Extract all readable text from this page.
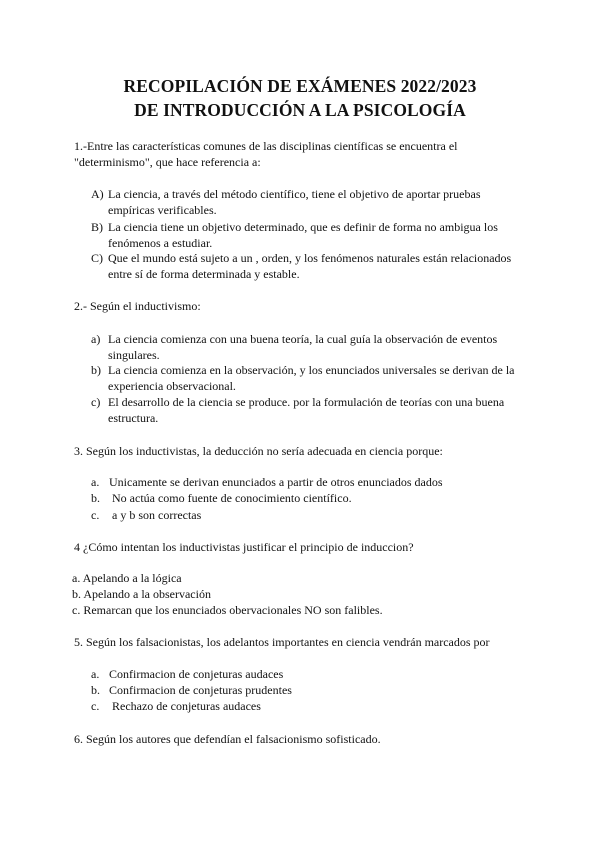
RECOPILACIÓN DE EXÁMENES 2022/2023
DE INTRODUCCIÓN A LA PSICOLOGÍA
1.-Entre las características comunes de las disciplinas científicas se encuentra el
"determinismo", que hace referencia a:
A) La ciencia, a través del método científico, tiene el objetivo de aportar pruebas
empíricas verificables.
B) La ciencia tiene un objetivo determinado, que es definir de forma no ambigua los
fenómenos a estudiar.
C) Que el mundo está sujeto a un , orden, y los fenómenos naturales están relacionados
entre sí de forma determinada y estable.
2.- Según el inductivismo:
a) La ciencia comienza con una buena teoría, la cual guía la observación de eventos
singulares.
b) La ciencia comienza en la observación, y los enunciados universales se derivan de la
experiencia observacional.
c) El desarrollo de la ciencia se produce. por la formulación de teorías con una buena
estructura.
3. Según los inductivistas, la deducción no sería adecuada en ciencia porque:
a. Unicamente se derivan enunciados a partir de otros enunciados dados
b. No actúa como fuente de conocimiento científico.
c. a y b son correctas
4 ¿Cómo intentan los inductivistas justificar el principio de induccion?
a. Apelando a la lógica
b. Apelando a la observación
c. Remarcan que los enunciados obervacionales NO son falibles.
5. Según los falsacionistas, los adelantos importantes en ciencia vendrán marcados por
a. Confirmacion de conjeturas audaces
b. Confirmacion de conjeturas prudentes
c. Rechazo de conjeturas audaces
6. Según los autores que defendían el falsacionismo sofisticado.
